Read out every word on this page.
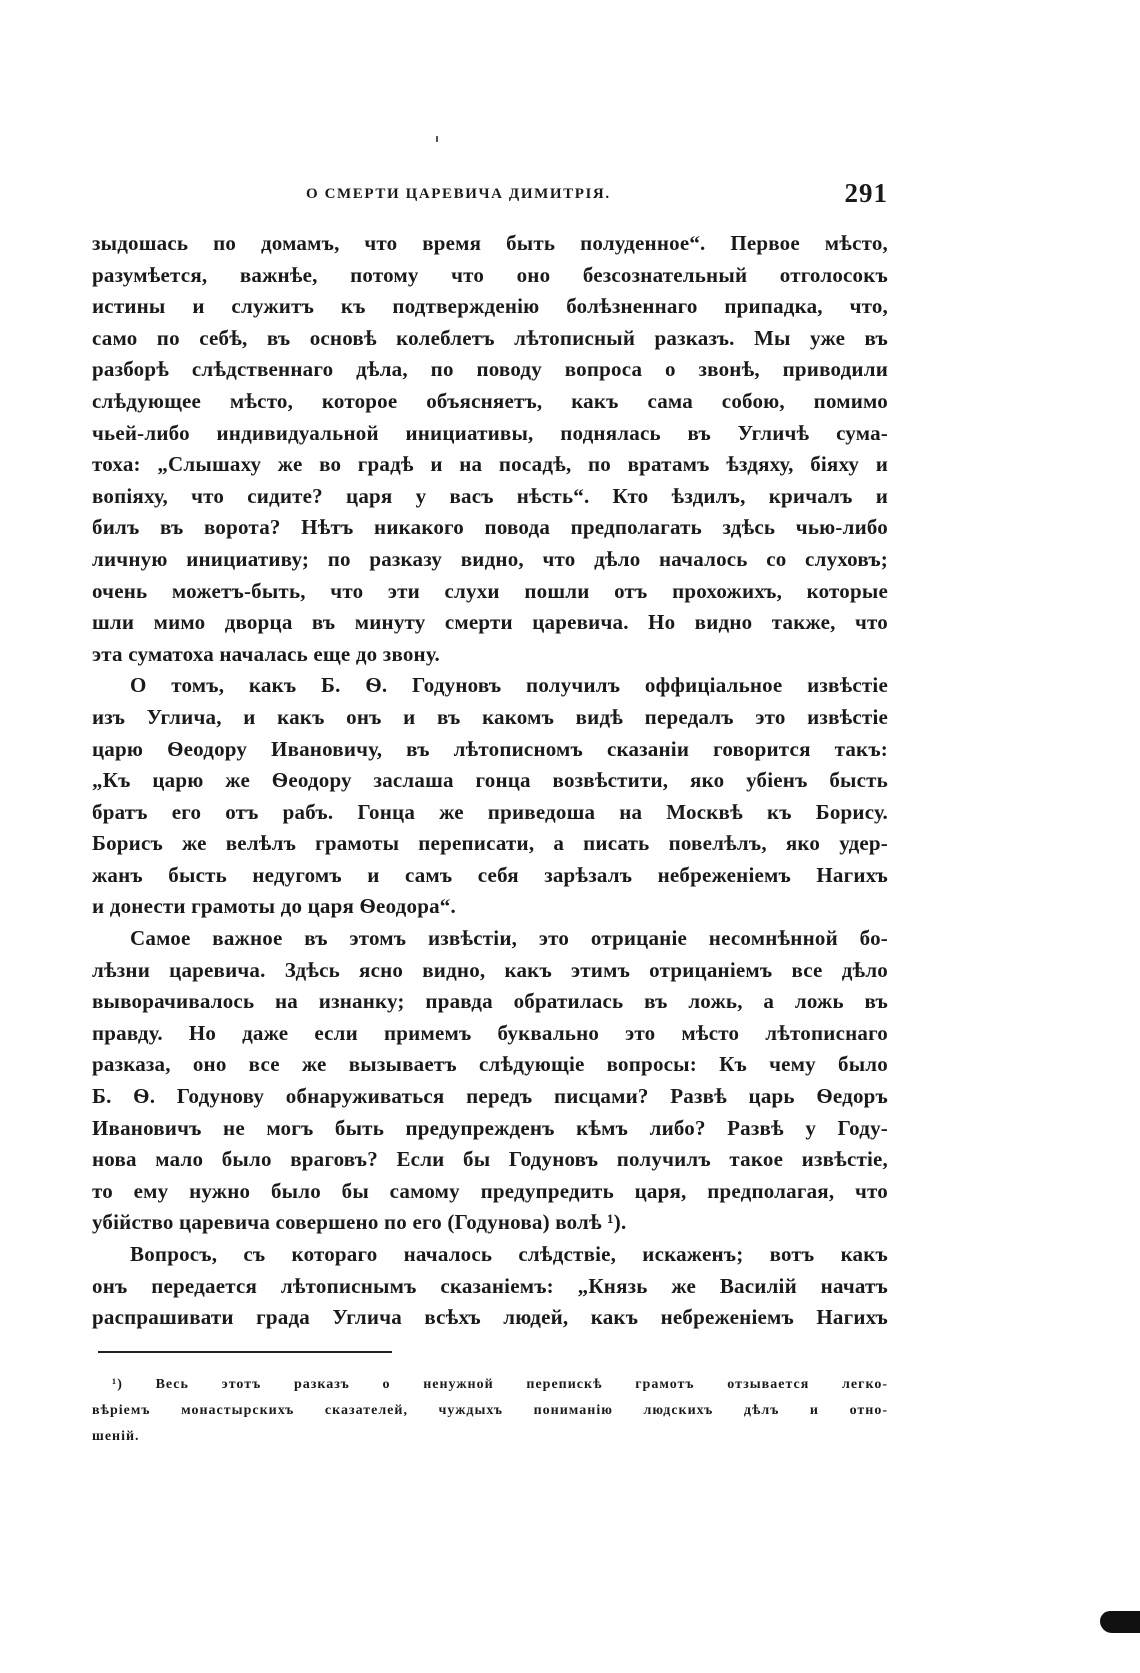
О СМЕРТИ ЦАРЕВИЧА ДИМИТРІЯ.	291
зыдошась по домамъ, что время быть полуденное“. Первое мѣсто,
разумѣется, важнѣе, потому что оно безсознательный отголосокъ
истины и служитъ къ подтвержденію болѣзненнаго припадка, что,
само по себѣ, въ основѣ колеблетъ лѣтописный разказъ. Мы уже въ
разборѣ слѣдственнаго дѣла, по поводу вопроса о звонѣ, приводили
слѣдующее мѣсто, которое объясняетъ, какъ сама собою, помимо
чьей-либо индивидуальной инициативы, поднялась въ Угличѣ сума-
тоха: „Слышаху же во градѣ и на посадѣ, по вратамъ ѣздяху, біяху и
вопіяху, что сидите? царя у васъ нѣсть“. Кто ѣздилъ, кричалъ и
билъ въ ворота? Нѣтъ никакого повода предполагать здѣсь чью-либо
личную инициативу; по разказу видно, что дѣло началось со слуховъ;
очень можетъ-быть, что эти слухи пошли отъ прохожихъ, которые
шли мимо дворца въ минуту смерти царевича. Но видно также, что
эта суматоха началась еще до звону.
О томъ, какъ Б. Ѳ. Годуновъ получилъ оффиціальное извѣстіе
изъ Углича, и какъ онъ и въ какомъ видѣ передалъ это извѣстіе
царю Ѳеодору Ивановичу, въ лѣтописномъ сказаніи говорится такъ:
„Къ царю же Ѳеодору заслаша гонца возвѣстити, яко убіенъ бысть
братъ его отъ рабъ. Гонца же приведоша на Москвѣ къ Борису.
Борисъ же велѣлъ грамоты переписати, а писать повелѣлъ, яко удер-
жанъ бысть недугомъ и самъ себя зарѣзалъ небреженіемъ Нагихъ
и донести грамоты до царя Ѳеодора“.
Самое важное въ этомъ извѣстіи, это отрицаніе несомнѣнной бо-
лѣзни царевича. Здѣсь ясно видно, какъ этимъ отрицаніемъ все дѣло
выворачивалось на изнанку; правда обратилась въ ложь, а ложь въ
правду. Но даже если примемъ буквально это мѣсто лѣтописнаго
разказа, оно все же вызываетъ слѣдующіе вопросы: Къ чему было
Б. Ѳ. Годунову обнаруживаться передъ писцами? Развѣ царь Ѳедоръ
Ивановичъ не могъ быть предупрежденъ кѣмъ либо? Развѣ у Году-
нова мало было враговъ? Если бы Годуновъ получилъ такое извѣстіе,
то ему нужно было бы самому предупредить царя, предполагая, что
убійство царевича совершено по его (Годунова) волѣ ¹).
Вопросъ, съ котораго началось слѣдствіе, искаженъ; вотъ какъ
онъ передается лѣтописнымъ сказаніемъ: „Князь же Василій начатъ
распрашивати града Углича всѣхъ людей, какъ небреженіемъ Нагихъ
¹) Весь этотъ разказъ о ненужной перепискѣ грамотъ отзывается легко-
вѣріемъ монастырскихъ сказателей, чуждыхъ пониманію людскихъ дѣлъ и отно-
шеній.
